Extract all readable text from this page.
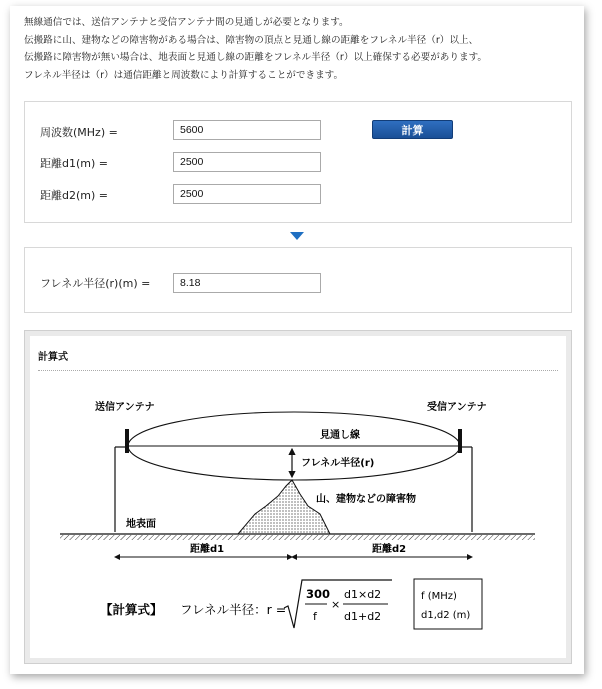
無線通信では、送信アンテナと受信アンテナ間の見通しが必要となります。
伝搬路に山、建物などの障害物がある場合は、障害物の頂点と見通し線の距離をフレネル半径（r）以上、
伝搬路に障害物が無い場合は、地表面と見通し線の距離をフレネル半径（r）以上確保する必要があります。
フレネル半径は（r）は通信距離と周波数により計算することができます。
周波数(MHz) =
5600	計算
距離d1(m) =
2500
距離d2(m) =
2500
フレネル半径(r)(m) =
8.18
計算式
送信アンテナ	受信アンテナ
見通し線
フレネル半径(r)
山、建物などの障害物
地表面
距離d1	距離d2
【計算式】 フレネル半径：r =
300
f
×
d1×d2
d1+d2
f (MHz)
d1,d2 (m)
